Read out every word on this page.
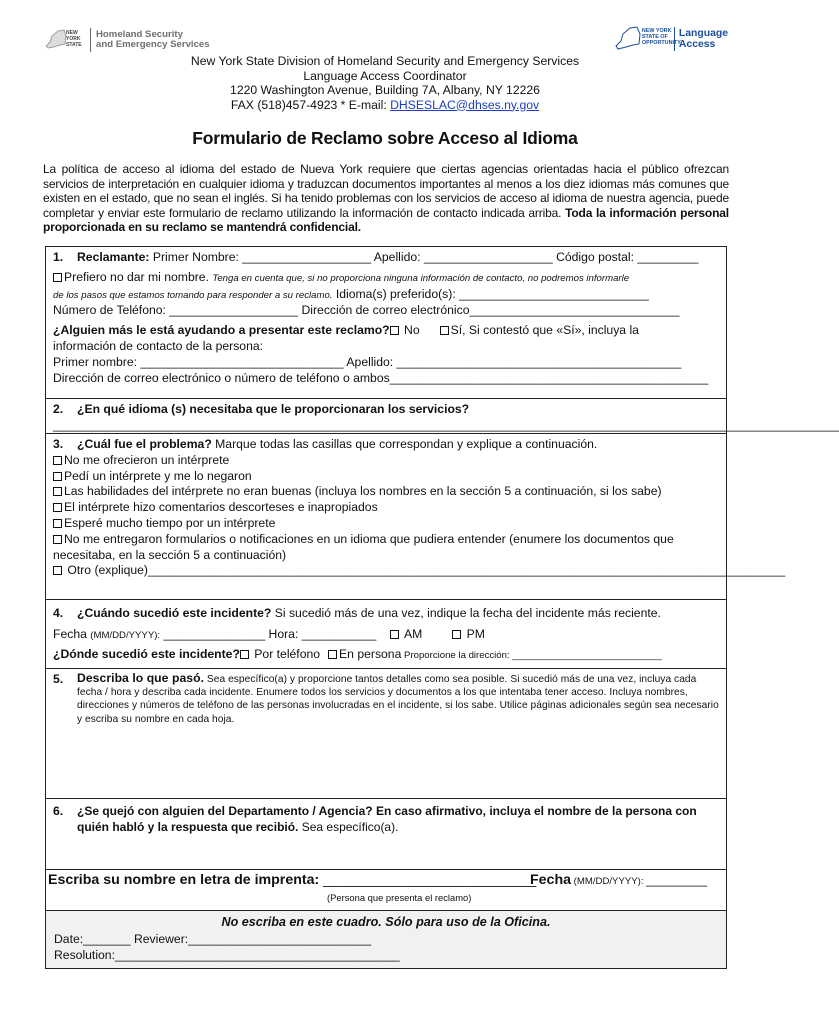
NEW
YORK
STATE
Homeland Security
and Emergency Services
NEW YORK
STATE OF
OPPORTUNITY.
Language
Access
New York State Division of Homeland Security and Emergency Services
Language Access Coordinator
1220 Washington Avenue, Building 7A, Albany, NY 12226
FAX (518)457-4923 * E-mail: DHSESLAC@dhses.ny.gov
Formulario de Reclamo sobre Acceso al Idioma
La política de acceso al idioma del estado de Nueva York requiere que ciertas agencias orientadas hacia el público ofrezcan servicios de interpretación en cualquier idioma y traduzcan documentos importantes al menos a los diez idiomas más comunes que existen en el estado, que no sean el inglés. Si ha tenido problemas con los servicios de acceso al idioma de nuestra agencia, puede completar y enviar este formulario de reclamo utilizando la información de contacto indicada arriba. Toda la información personal proporcionada en su reclamo se mantendrá confidencial.
1. Reclamante: Primer Nombre: ___________________ Apellido: ___________________ Código postal: _________
Prefiero no dar mi nombre. Tenga en cuenta que, si no proporciona ninguna información de contacto, no podremos informarle
de los pasos que estamos tomando para responder a su reclamo. Idioma(s) preferido(s): ____________________________
Número de Teléfono: ___________________ Dirección de correo electrónico_______________________________
¿Alguien más le está ayudando a presentar este reclamo? No	Sí, Si contestó que «Sí», incluya la
información de contacto de la persona:
Primer nombre: ______________________________ Apellido: __________________________________________
Dirección de correo electrónico o número de teléfono o ambos_______________________________________________
2. ¿En qué idioma (s) necesitaba que le proporcionaran los servicios?
____________________________________________________________________________________________________________________
3. ¿Cuál fue el problema? Marque todas las casillas que correspondan y explique a continuación.
No me ofrecieron un intérprete
Pedí un intérprete y me lo negaron
Las habilidades del intérprete no eran buenas (incluya los nombres en la sección 5 a continuación, si los sabe)
El intérprete hizo comentarios descorteses e inapropiados
Esperé mucho tiempo por un intérprete
No me entregaron formularios o notificaciones en un idioma que pudiera entender (enumere los documentos que
necesitaba, en la sección 5 a continuación)
Otro (explique)______________________________________________________________________________________________
4. ¿Cuándo sucedió este incidente? Si sucedió más de una vez, indique la fecha del incidente más reciente.
Fecha (MM/DD/YYYY): _______________ Hora: ___________ AM	PM
¿Dónde sucedió este incidente? Por teléfono En persona Proporcione la dirección: ____________________________
5.	Describa lo que pasó. Sea específico(a) y proporcione tantos detalles como sea posible. Si sucedió más de una vez, incluya cada fecha / hora y describa cada incidente. Enumere todos los servicios y documentos a los que intentaba tener acceso. Incluya nombres, direcciones y números de teléfono de las personas involucradas en el incidente, si los sabe. Utilice páginas adicionales según sea necesario y escriba su nombre en cada hoja.
6.	¿Se quejó con alguien del Departamento / Agencia? En caso afirmativo, incluya el nombre de la persona con quién habló y la respuesta que recibió. Sea específico(a).
Escriba su nombre en letra de imprenta: ___________________________
Fecha (MM/DD/YYYY): _________
(Persona que presenta el reclamo)
No escriba en este cuadro. Sólo para uso de la Oficina.
Date:_______ Reviewer:___________________________
Resolution:__________________________________________
